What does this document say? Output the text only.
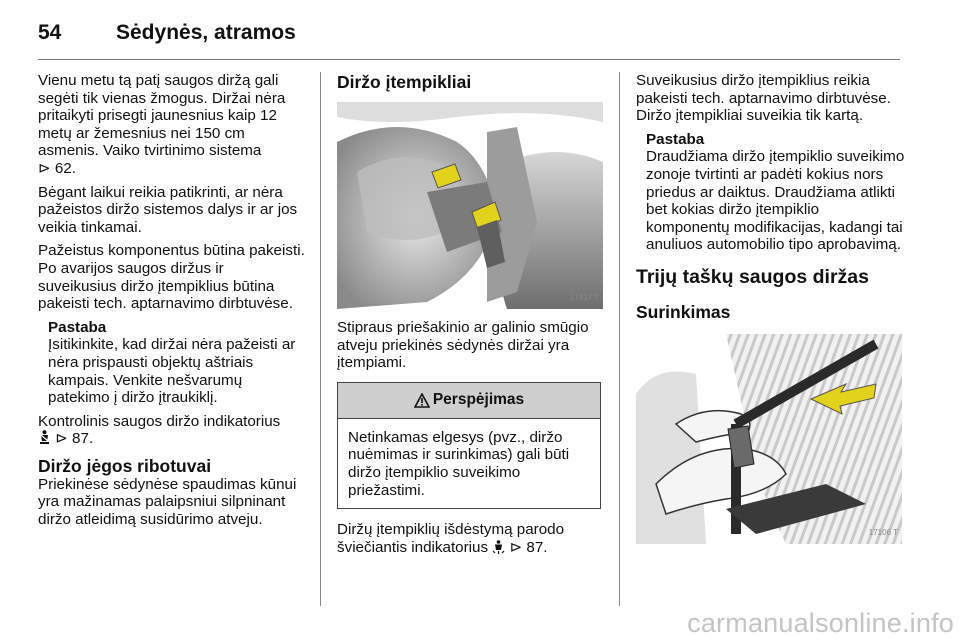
54	Sėdynės, atramos

Vienu metu tą patį saugos diržą gali segėti tik vienas žmogus. Diržai nėra pritaikyti prisegti jaunesnius kaip 12 metų ar žemesnius nei 150 cm asmenis. Vaiko tvirtinimo sistema
⊳ 62.

Bėgant laikui reikia patikrinti, ar nėra pažeistos diržo sistemos dalys ir ar jos veikia tinkamai.

Pažeistus komponentus būtina pakeisti. Po avarijos saugos diržus ir suveikusius diržo įtempiklius būtina pakeisti tech. aptarnavimo dirbtuvėse.

Pastaba
Įsitikinkite, kad diržai nėra pažeisti ar nėra prispausti objektų aštriais kampais. Venkite nešvarumų patekimo į diržo įtraukiklį.

Kontrolinis saugos diržo indikatorius
⊳ 87.

Diržo jėgos ribotuvai

Priekinėse sėdynėse spaudimas kūnui yra mažinamas palaipsniui silpninant diržo atleidimą susidūrimo atveju.

Diržo įtempikliai
17417 T

Stipraus priešakinio ar galinio smūgio atveju priekinės sėdynės diržai yra įtempiami.

Perspėjimas
Netinkamas elgesys (pvz., diržo nuėmimas ir surinkimas) gali būti diržo įtempiklio suveikimo priežastimi.

Diržų įtempiklių išdėstymą parodo šviečiantis indikatorius ⊳ 87.

Suveikusius diržo įtempiklius reikia pakeisti tech. aptarnavimo dirbtuvėse. Diržo įtempikliai suveikia tik kartą.

Pastaba
Draudžiama diržo įtempiklio suveikimo zonoje tvirtinti ar padėti kokius nors priedus ar daiktus. Draudžiama atlikti bet kokias diržo įtempiklio komponentų modifikacijas, kadangi tai anuliuos automobilio tipo aprobavimą.
Trijų taškų saugos diržas
Surinkimas
17106 T
carmanualsonline.info
